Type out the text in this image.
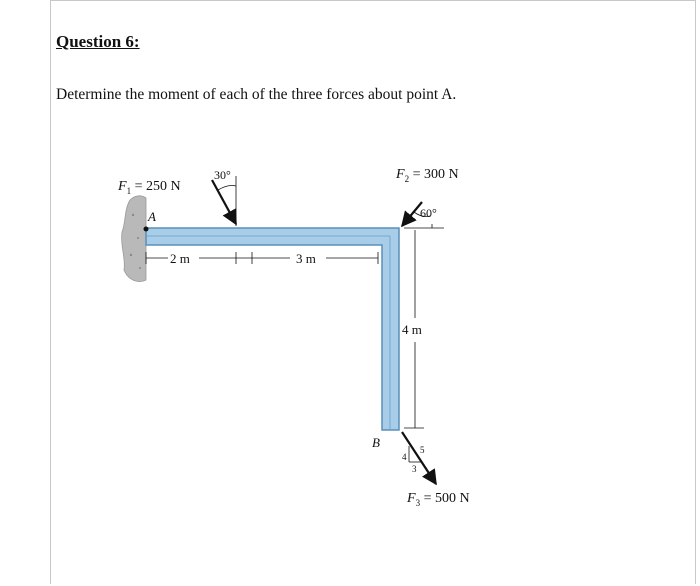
Question 6:
Determine the moment of each of the three forces about point A.
A
2 m	3 m
4 m
$F_1 = 250$ N
30°	$F_2 = 300$ N
60°
B	5
4
3
$F_3 = 500$ N
